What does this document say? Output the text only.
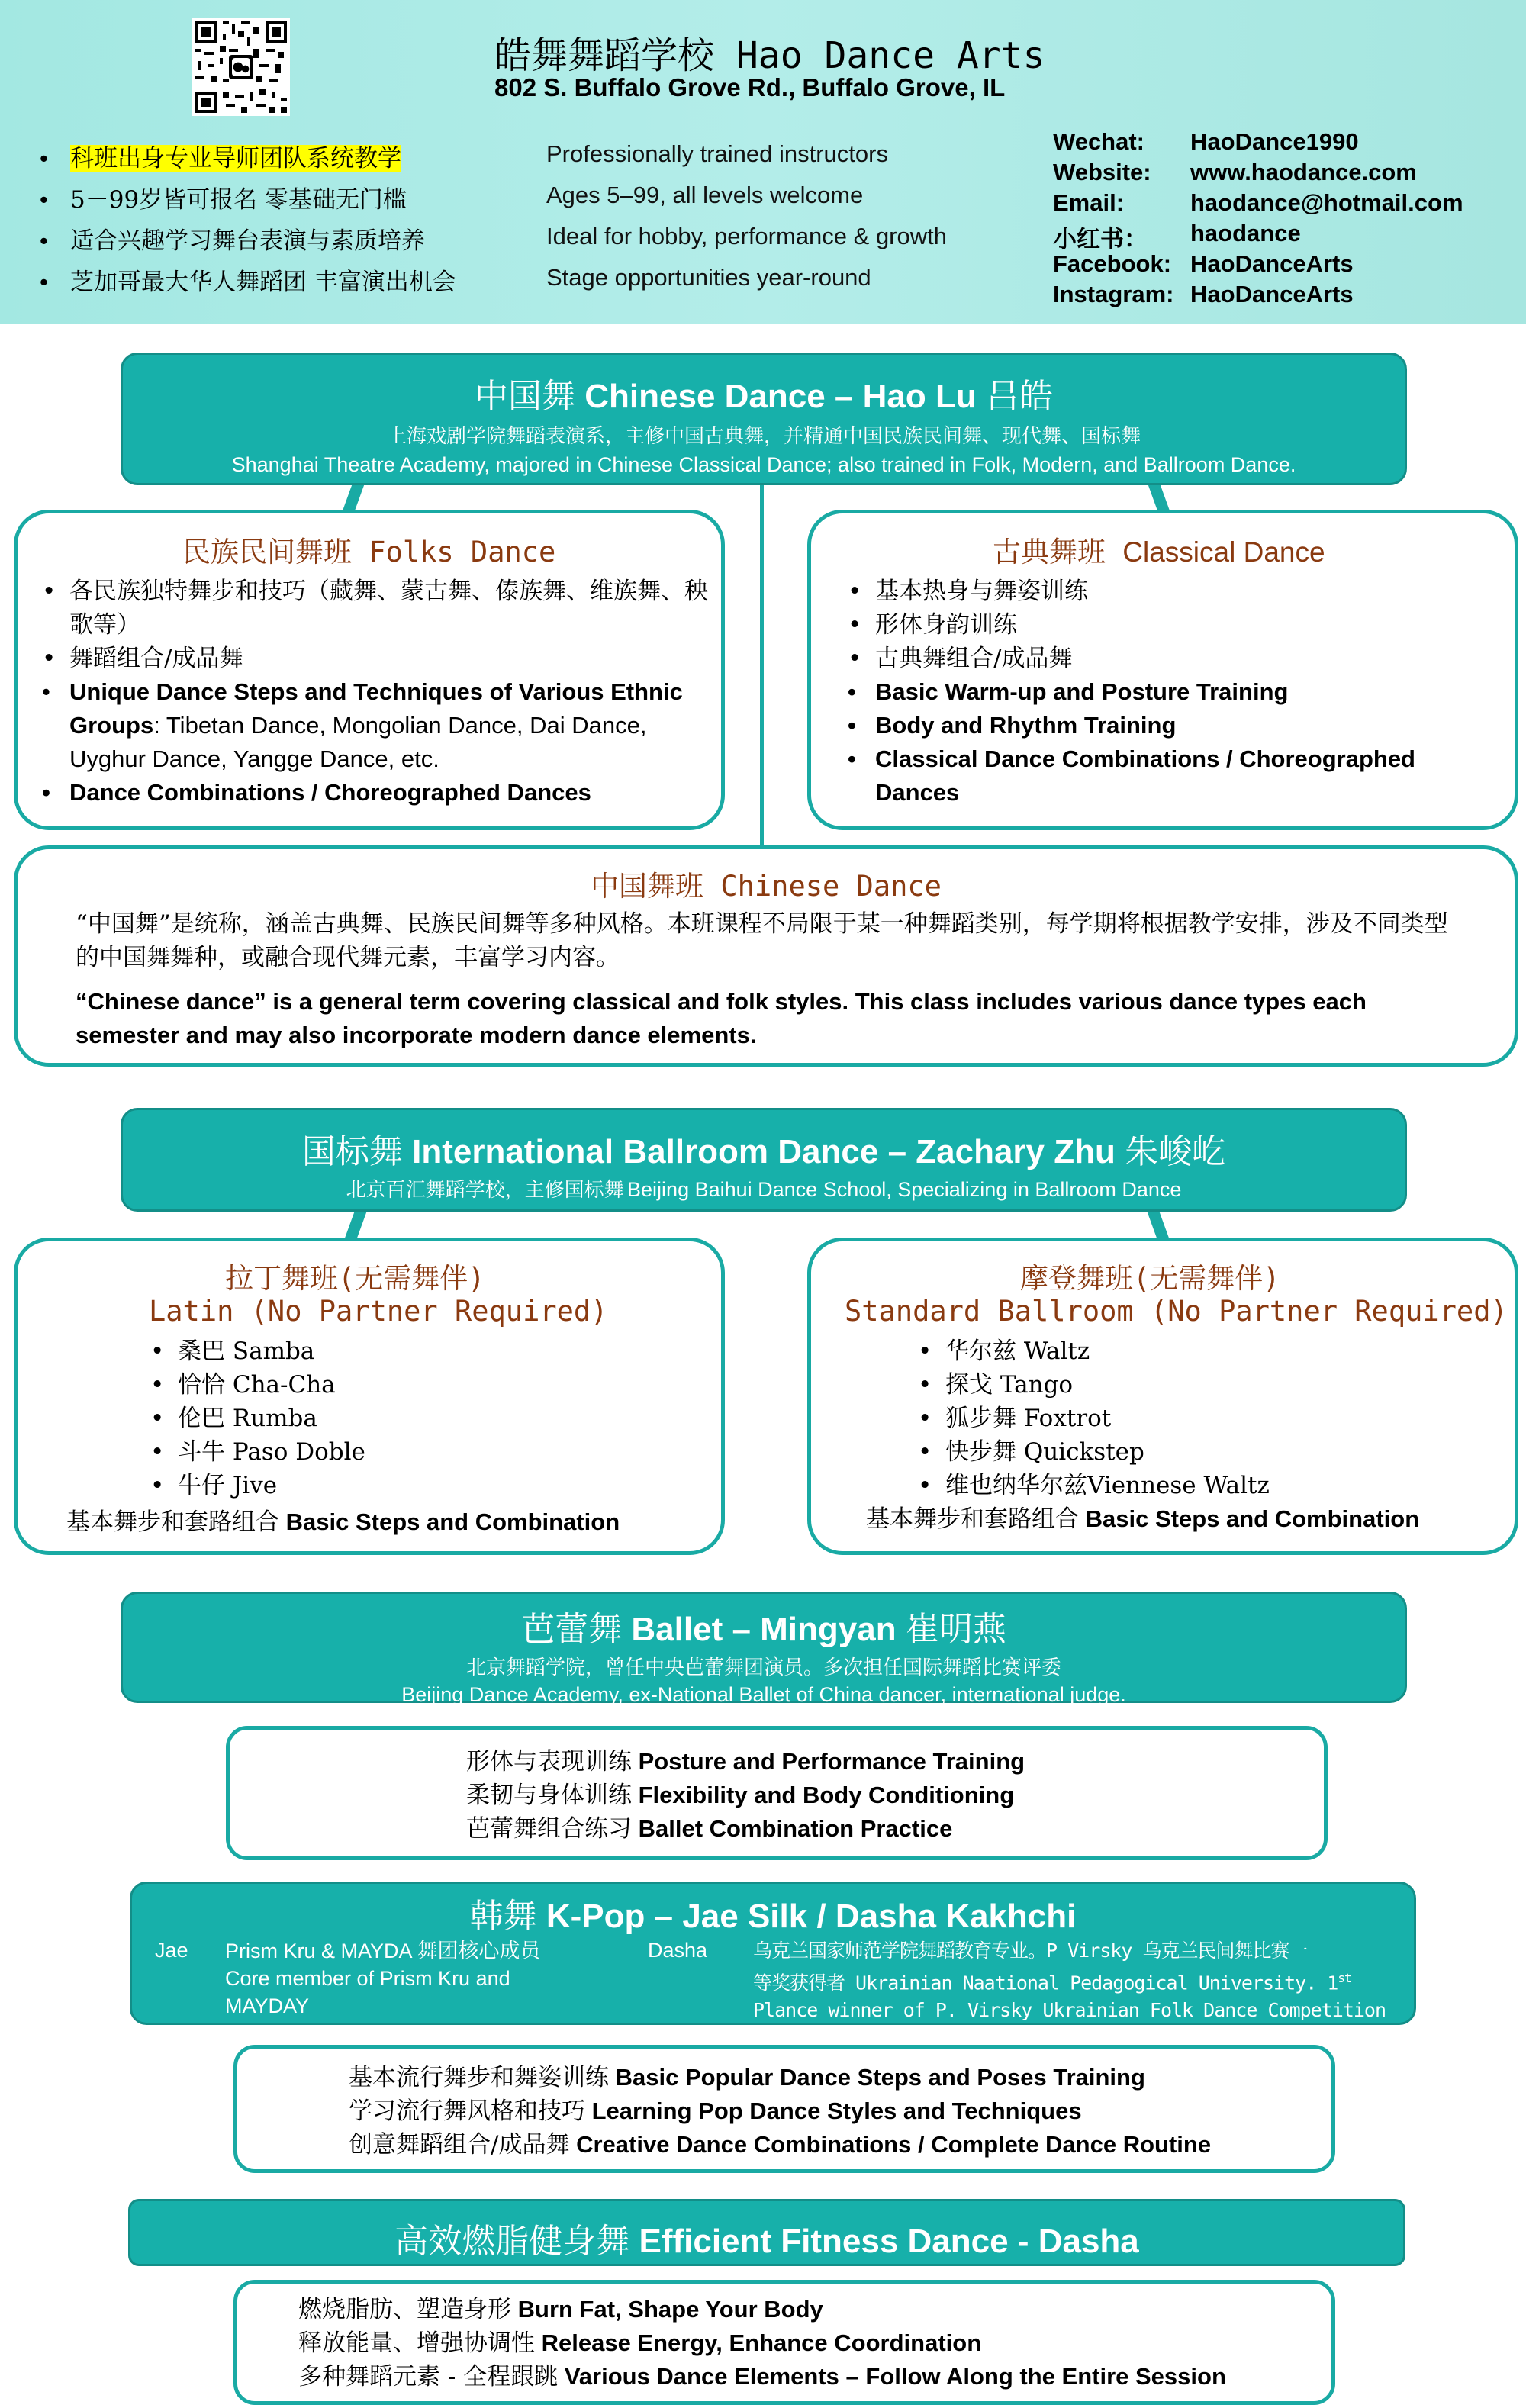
皓舞舞蹈学校 Hao Dance Arts
802 S. Buffalo Grove Rd., Buffalo Grove, IL
• 科班出身专业导师团队系统教学
• 5－99岁皆可报名 零基础无门槛
• 适合兴趣学习舞台表演与素质培养
• 芝加哥最大华人舞蹈团 丰富演出机会
Professionally trained instructors
Ages 5–99, all levels welcome
Ideal for hobby, performance & growth
Stage opportunities year-round
Wechat: HaoDance1990
Website: www.haodance.com
Email:	haodance@hotmail.com
小红书： haodance
Facebook: HaoDanceArts
Instagram: HaoDanceArts
中国舞 Chinese Dance – Hao Lu 吕皓
上海戏剧学院舞蹈表演系，主修中国古典舞，并精通中国民族民间舞、现代舞、国标舞
Shanghai Theatre Academy, majored in Chinese Classical Dance; also trained in Folk, Modern, and Ballroom Dance.
民族民间舞班 Folks Dance
• 各民族独特舞步和技巧（藏舞、蒙古舞、傣族舞、维族舞、秧歌等）
• 舞蹈组合/成品舞
• Unique Dance Steps and Techniques of Various Ethnic Groups: Tibetan Dance, Mongolian Dance, Dai Dance, Uyghur Dance, Yangge Dance, etc.
• Dance Combinations / Choreographed Dances
古典舞班 Classical Dance
• 基本热身与舞姿训练
• 形体身韵训练
• 古典舞组合/成品舞
• Basic Warm-up and Posture Training
• Body and Rhythm Training
• Classical Dance Combinations / Choreographed Dances
中国舞班 Chinese Dance
“中国舞”是统称，涵盖古典舞、民族民间舞等多种风格。本班课程不局限于某一种舞蹈类别，每学期将根据教学安排，涉及不同类型的中国舞舞种，或融合现代舞元素，丰富学习内容。
“Chinese dance” is a general term covering classical and folk styles. This class includes various dance types each semester and may also incorporate modern dance elements.
国标舞 International Ballroom Dance – Zachary Zhu 朱峻屹
北京百汇舞蹈学校，主修国标舞 Beijing Baihui Dance School, Specializing in Ballroom Dance
拉丁舞班(无需舞伴)
Latin (No Partner Required)
• 桑巴 Samba
• 恰恰 Cha-Cha
• 伦巴 Rumba
• 斗牛 Paso Doble
• 牛仔 Jive
基本舞步和套路组合 Basic Steps and Combination
摩登舞班(无需舞伴)
Standard Ballroom (No Partner Required)
• 华尔兹 Waltz
• 探戈 Tango
• 狐步舞 Foxtrot
• 快步舞 Quickstep
• 维也纳华尔兹Viennese Waltz
基本舞步和套路组合 Basic Steps and Combination
芭蕾舞 Ballet – Mingyan 崔明燕
北京舞蹈学院，曾任中央芭蕾舞团演员。多次担任国际舞蹈比赛评委
Beijing Dance Academy, ex-National Ballet of China dancer, international judge.
形体与表现训练 Posture and Performance Training
柔韧与身体训练 Flexibility and Body Conditioning
芭蕾舞组合练习 Ballet Combination Practice
韩舞 K-Pop – Jae Silk / Dasha Kakhchi
Jae Prism Kru & MAYDA 舞团核心成员
Core member of Prism Kru and
MAYDAY
Dasha 乌克兰国家师范学院舞蹈教育专业。P Virsky 乌克兰民间舞比赛一
等奖获得者 Ukrainian Naational Pedagogical University. 1st
Plance winner of P. Virsky Ukrainian Folk Dance Competition
基本流行舞步和舞姿训练 Basic Popular Dance Steps and Poses Training
学习流行舞风格和技巧 Learning Pop Dance Styles and Techniques
创意舞蹈组合/成品舞 Creative Dance Combinations / Complete Dance Routine
高效燃脂健身舞 Efficient Fitness Dance - Dasha
燃烧脂肪、塑造身形 Burn Fat, Shape Your Body
释放能量、增强协调性 Release Energy, Enhance Coordination
多种舞蹈元素 - 全程跟跳 Various Dance Elements – Follow Along the Entire Session
